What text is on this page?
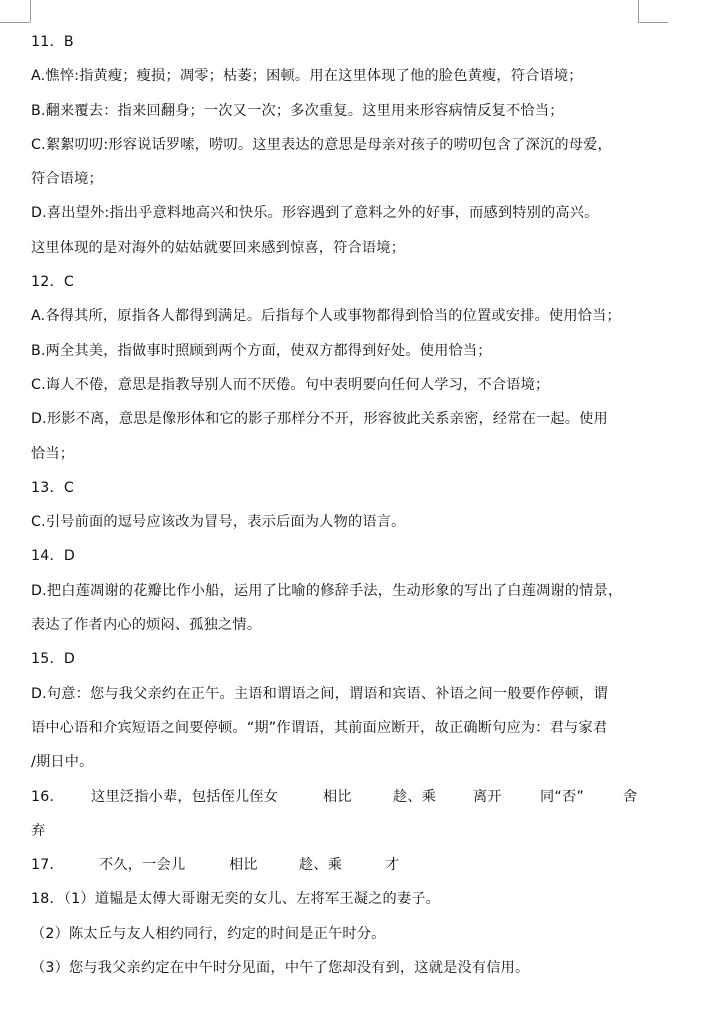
11．B
A.憔悴:指黄瘦；瘦损；凋零；枯萎；困顿。用在这里体现了他的脸色黄瘦，符合语境；
B.翻来覆去：指来回翻身；一次又一次；多次重复。这里用来形容病情反复不恰当；
C.絮絮叨叨:形容说话罗嗦，唠叨。这里表达的意思是母亲对孩子的唠叨包含了深沉的母爱，
符合语境；
D.喜出望外:指出乎意料地高兴和快乐。形容遇到了意料之外的好事，而感到特别的高兴。
这里体现的是对海外的姑姑就要回来感到惊喜，符合语境；
12．C
A.各得其所，原指各人都得到满足。后指每个人或事物都得到恰当的位置或安排。使用恰当；
B.两全其美，指做事时照顾到两个方面，使双方都得到好处。使用恰当；
C.诲人不倦，意思是指教导别人而不厌倦。句中表明要向任何人学习，不合语境；
D.形影不离，意思是像形体和它的影子那样分不开，形容彼此关系亲密，经常在一起。使用
恰当；
13．C
C.引号前面的逗号应该改为冒号，表示后面为人物的语言。
14．D
D.把白莲凋谢的花瓣比作小船，运用了比喻的修辞手法，生动形象的写出了白莲凋谢的情景，
表达了作者内心的烦闷、孤独之情。
15．D
D.句意：您与我父亲约在正午。主语和谓语之间，谓语和宾语、补语之间一般要作停顿，谓
语中心语和介宾短语之间要停顿。“期”作谓语，其前面应断开，故正确断句应为：君与家君
/期日中。
16． 这里泛指小辈，包括侄儿侄女	相比	趁、乘	离开	同“否”	舍
弃
17． 不久，一会儿	相比	趁、乘	才
18．（1）道韫是太傅大哥谢无奕的女儿、左将军王凝之的妻子。
（2）陈太丘与友人相约同行，约定的时间是正午时分。
（3）您与我父亲约定在中午时分见面，中午了您却没有到，这就是没有信用。
